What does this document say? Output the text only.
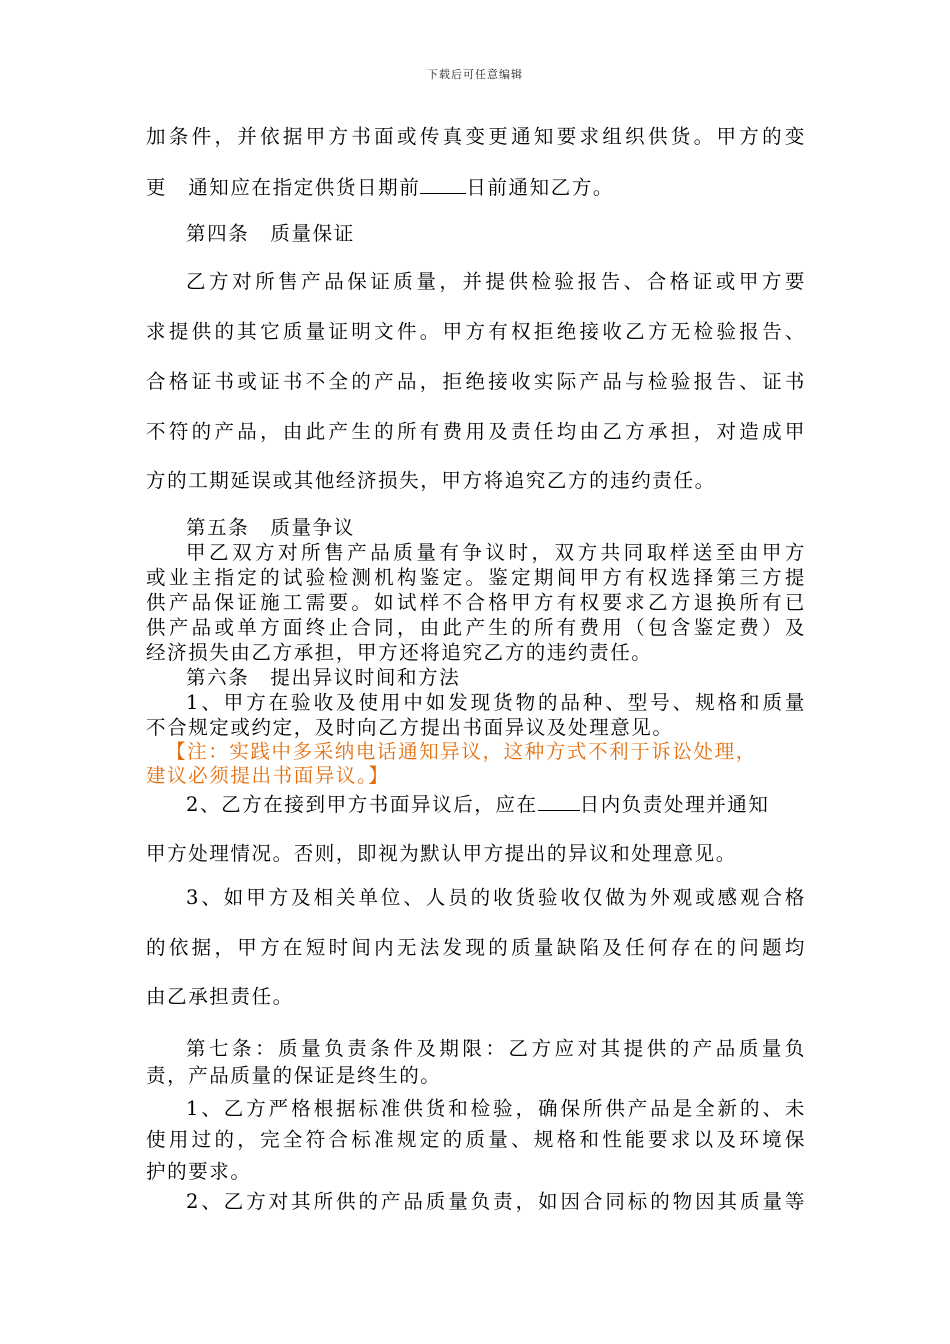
下载后可任意编辑
加条件，并依据甲方书面或传真变更通知要求组织供货。甲方的变
更　通知应在指定供货日期前 日前通知乙方。
第四条　质量保证
乙方对所售产品保证质量，并提供检验报告、合格证或甲方要
求提供的其它质量证明文件。甲方有权拒绝接收乙方无检验报告、
合格证书或证书不全的产品，拒绝接收实际产品与检验报告、证书
不符的产品，由此产生的所有费用及责任均由乙方承担，对造成甲
方的工期延误或其他经济损失，甲方将追究乙方的违约责任。
第五条　质量争议
甲乙双方对所售产品质量有争议时，双方共同取样送至由甲方
或业主指定的试验检测机构鉴定。鉴定期间甲方有权选择第三方提
供产品保证施工需要。如试样不合格甲方有权要求乙方退换所有已
供产品或单方面终止合同，由此产生的所有费用（包含鉴定费）及
经济损失由乙方承担，甲方还将追究乙方的违约责任。
第六条　提出异议时间和方法
1、甲方在验收及使用中如发现货物的品种、型号、规格和质量
不合规定或约定，及时向乙方提出书面异议及处理意见。
【注：实践中多采纳电话通知异议，这种方式不利于诉讼处理，
建议必须提出书面异议。】
2、乙方在接到甲方书面异议后，应在 日内负责处理并通知
甲方处理情况。否则，即视为默认甲方提出的异议和处理意见。
3、如甲方及相关单位、人员的收货验收仅做为外观或感观合格
的依据，甲方在短时间内无法发现的质量缺陷及任何存在的问题均
由乙承担责任。
第七条：质量负责条件及期限：乙方应对其提供的产品质量负
责，产品质量的保证是终生的。
1、乙方严格根据标准供货和检验，确保所供产品是全新的、未
使用过的，完全符合标准规定的质量、规格和性能要求以及环境保
护的要求。
2、乙方对其所供的产品质量负责，如因合同标的物因其质量等
